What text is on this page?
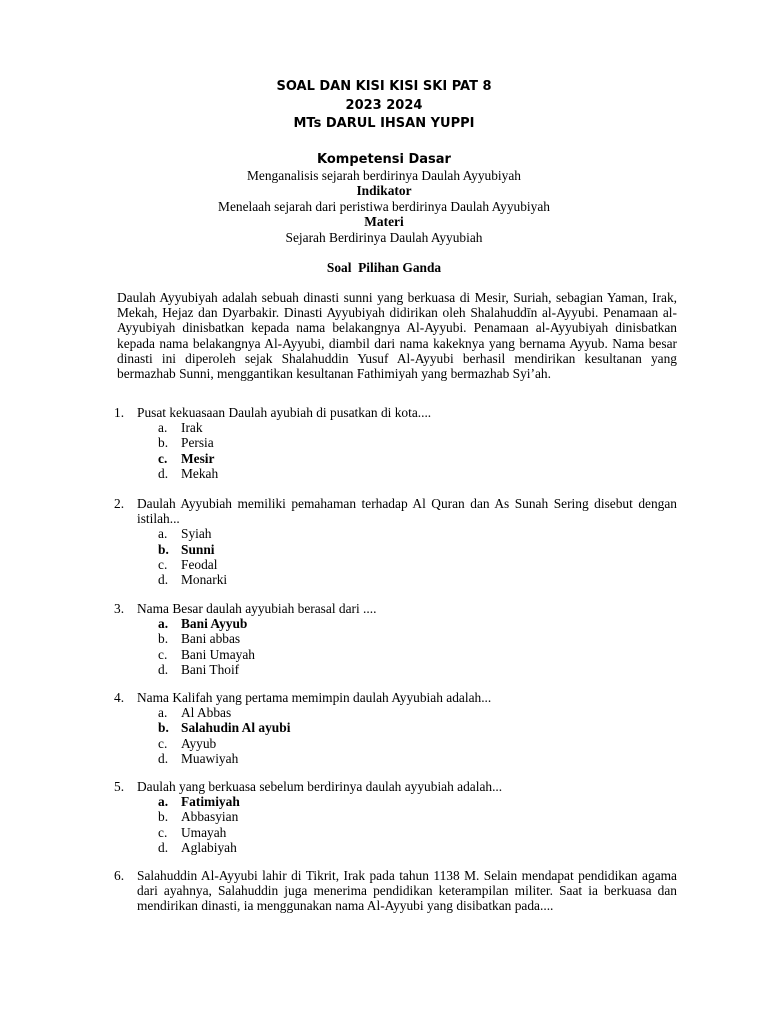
SOAL DAN KISI KISI SKI PAT 8
2023 2024
MTs DARUL IHSAN YUPPI
Kompetensi Dasar
Menganalisis sejarah berdirinya Daulah Ayyubiyah
Indikator
Menelaah sejarah dari peristiwa berdirinya Daulah Ayyubiyah
Materi
Sejarah Berdirinya Daulah Ayyubiah
Soal  Pilihan Ganda
Daulah Ayyubiyah adalah sebuah dinasti sunni yang berkuasa di Mesir, Suriah, sebagian Yaman, Irak, Mekah, Hejaz dan Dyarbakir. Dinasti Ayyubiyah didirikan oleh Shalahuddīn al-Ayyubi. Penamaan al-Ayyubiyah dinisbatkan kepada nama belakangnya Al-Ayyubi. Penamaan al-Ayyubiyah dinisbatkan kepada nama belakangnya Al-Ayyubi, diambil dari nama kakeknya yang bernama Ayyub. Nama besar dinasti ini diperoleh sejak Shalahuddin Yusuf Al-Ayyubi berhasil mendirikan kesultanan yang bermazhab Sunni, menggantikan kesultanan Fathimiyah yang bermazhab Syi’ah.
1. Pusat kekuasaan Daulah ayubiah di pusatkan di kota....
a.	Irak
b. Persia
c.	Mesir
d. Mekah
2. Daulah Ayyubiah memiliki pemahaman terhadap Al Quran dan As Sunah Sering disebut dengan istilah...
a.	Syiah
b. Sunni
c.	Feodal
d. Monarki
3. Nama Besar daulah ayyubiah berasal dari ....
a. Bani Ayyub
b. Bani abbas
c.	Bani Umayah
d. Bani Thoif
4. Nama Kalifah yang pertama memimpin daulah Ayyubiah adalah...
a.	Al Abbas
b. Salahudin Al ayubi
c.	Ayyub
d. Muawiyah
5. Daulah yang berkuasa sebelum berdirinya daulah ayyubiah adalah...
a. Fatimiyah
b. Abbasyian
c.	Umayah
d. Aglabiyah
6. Salahuddin Al-Ayyubi lahir di Tikrit, Irak pada tahun 1138 M. Selain mendapat pendidikan agama dari ayahnya, Salahuddin juga menerima pendidikan keterampilan militer. Saat ia berkuasa dan mendirikan dinasti, ia menggunakan nama Al-Ayyubi yang disibatkan pada....
